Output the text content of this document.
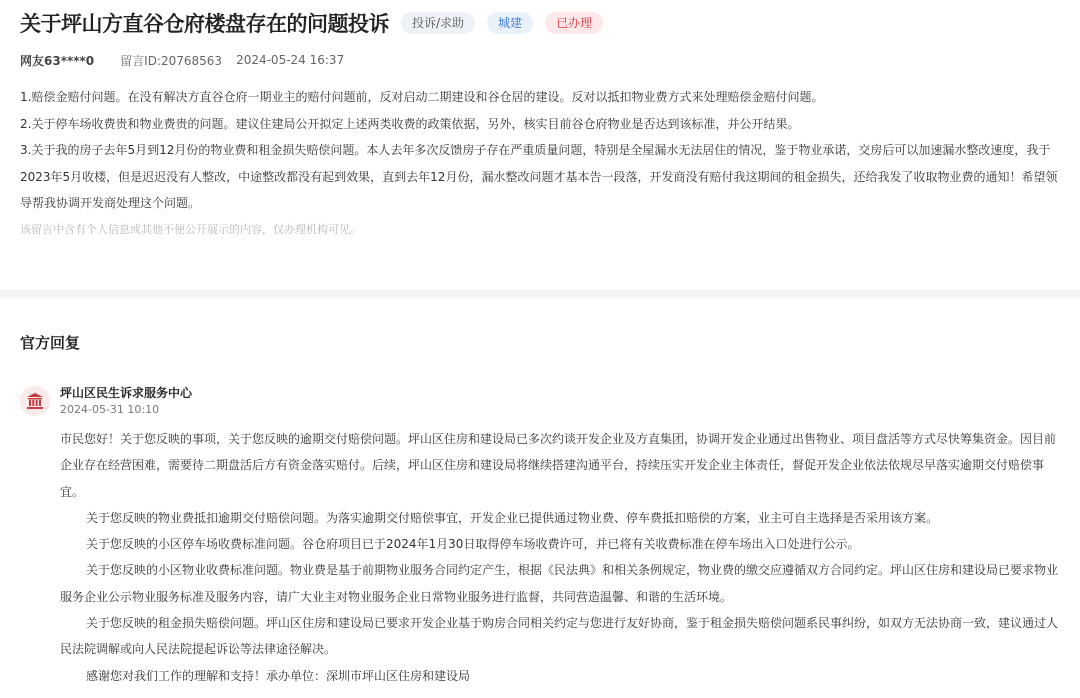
关于坪山方直谷仓府楼盘存在的问题投诉	投诉/求助	城建	已办理
网友63****0 留言ID:20768563 2024-05-24 16:37

1.赔偿金赔付问题。在没有解决方直谷仓府一期业主的赔付问题前，反对启动二期建设和谷仓居的建设。反对以抵扣物业费方式来处理赔偿金赔付问题。

2.关于停车场收费贵和物业费贵的问题。建议住建局公开拟定上述两类收费的政策依据，另外，核实目前谷仓府物业是否达到该标准，并公开结果。

3.关于我的房子去年5月到12月份的物业费和租金损失赔偿问题。本人去年多次反馈房子存在严重质量问题，特别是全屋漏水无法居住的情况，鉴于物业承诺，交房后可以加速漏水整改速度，我于2023年5月收楼，但是迟迟没有人整改，中途整改都没有起到效果，直到去年12月份，漏水整改问题才基本告一段落，开发商没有赔付我这期间的租金损失，还给我发了收取物业费的通知！希望领导帮我协调开发商处理这个问题。

该留言中含有个人信息或其他不便公开展示的内容，仅办理机构可见。
官方回复
坪山区民生诉求服务中心
2024-05-31 10:10

市民您好！关于您反映的事项，关于您反映的逾期交付赔偿问题。坪山区住房和建设局已多次约谈开发企业及方直集团，协调开发企业通过出售物业、项目盘活等方式尽快筹集资金。因目前企业存在经营困难，需要待二期盘活后方有资金落实赔付。后续，坪山区住房和建设局将继续搭建沟通平台，持续压实开发企业主体责任，督促开发企业依法依规尽早落实逾期交付赔偿事宜。

关于您反映的物业费抵扣逾期交付赔偿问题。为落实逾期交付赔偿事宜，开发企业已提供通过物业费、停车费抵扣赔偿的方案，业主可自主选择是否采用该方案。

关于您反映的小区停车场收费标准问题。谷仓府项目已于2024年1月30日取得停车场收费许可，并已将有关收费标准在停车场出入口处进行公示。

关于您反映的小区物业收费标准问题。物业费是基于前期物业服务合同约定产生，根据《民法典》和相关条例规定，物业费的缴交应遵循双方合同约定。坪山区住房和建设局已要求物业服务企业公示物业服务标准及服务内容，请广大业主对物业服务企业日常物业服务进行监督，共同营造温馨、和谐的生活环境。

关于您反映的租金损失赔偿问题。坪山区住房和建设局已要求开发企业基于购房合同相关约定与您进行友好协商，鉴于租金损失赔偿问题系民事纠纷，如双方无法协商一致，建议通过人民法院调解或向人民法院提起诉讼等法律途径解决。

感谢您对我们工作的理解和支持！承办单位：深圳市坪山区住房和建设局
